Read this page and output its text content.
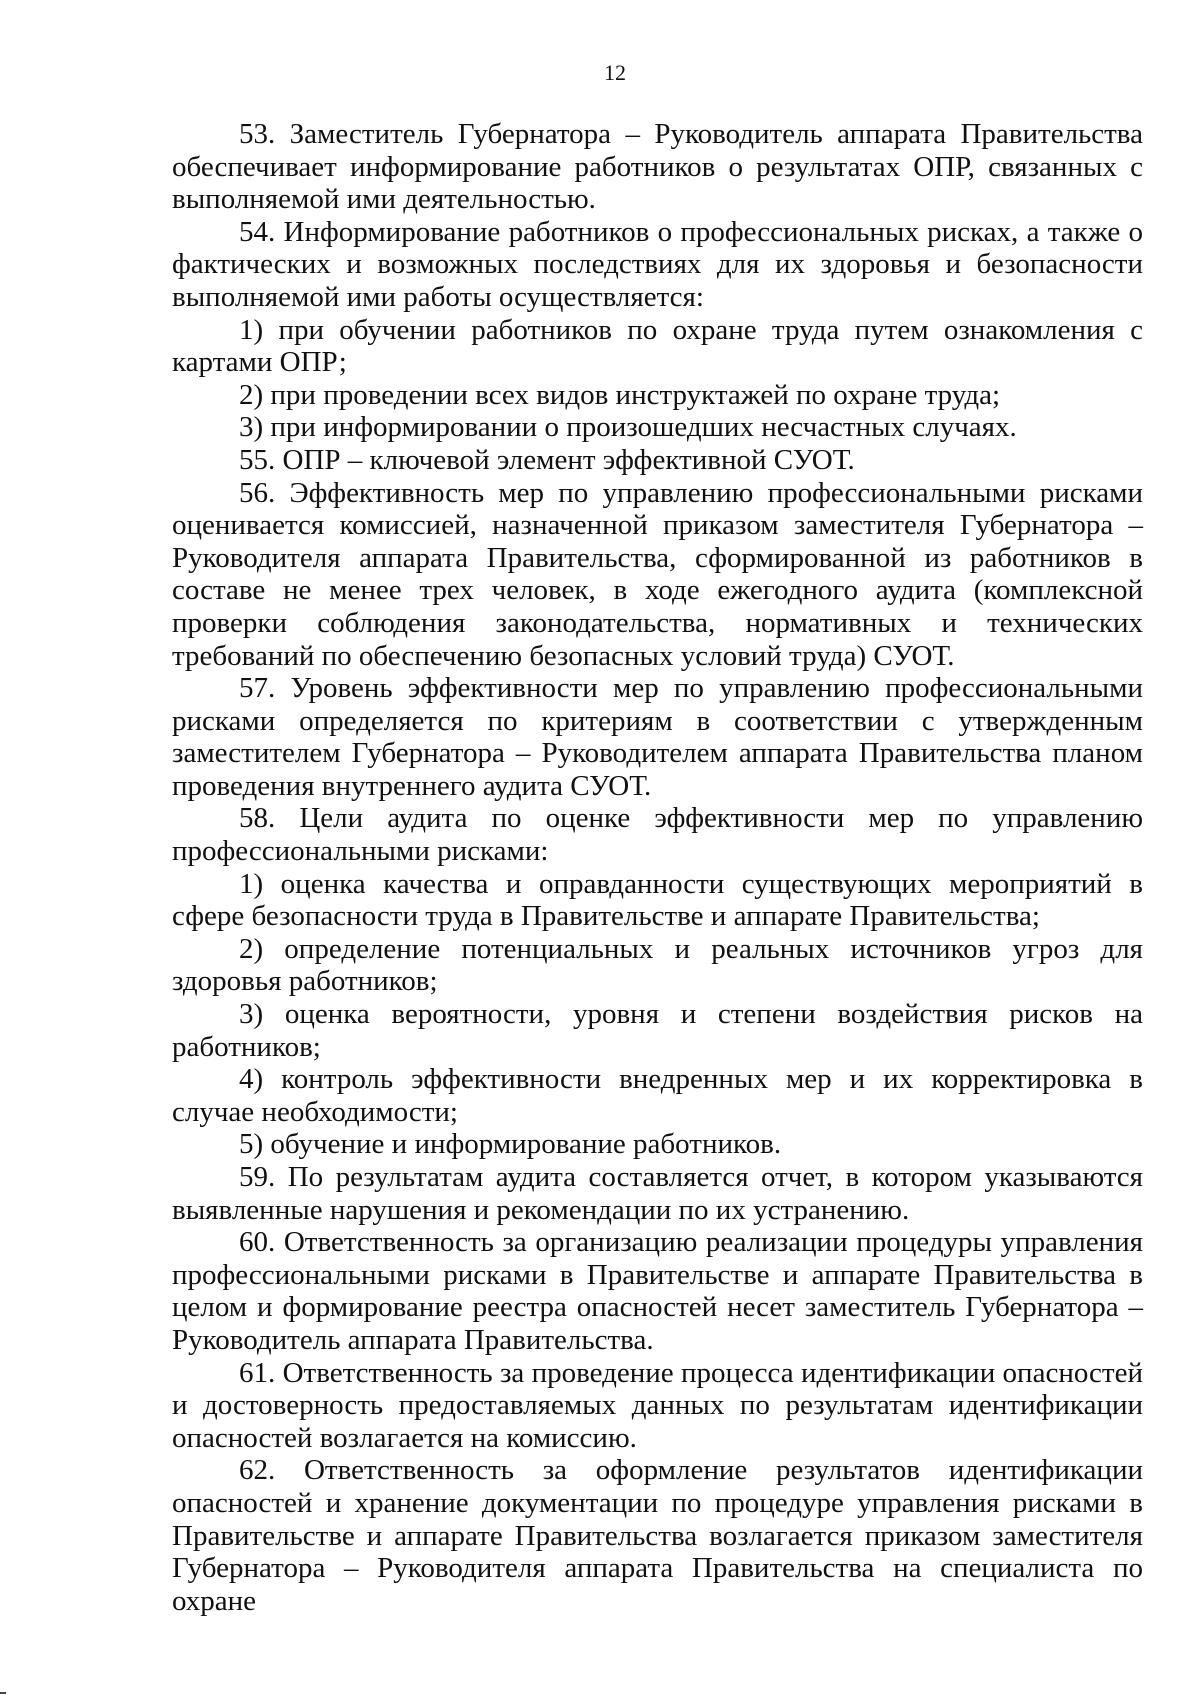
12

53. Заместитель Губернатора – Руководитель аппарата Правительства обеспечивает информирование работников о результатах ОПР, связанных с выполняемой ими деятельностью.

54. Информирование работников о профессиональных рисках, а также о фактических и возможных последствиях для их здоровья и безопасности выполняемой ими работы осуществляется:

1) при обучении работников по охране труда путем ознакомления с картами ОПР;

2) при проведении всех видов инструктажей по охране труда;

3) при информировании о произошедших несчастных случаях.

55. ОПР – ключевой элемент эффективной СУОТ.

56. Эффективность мер по управлению профессиональными рисками оценивается комиссией, назначенной приказом заместителя Губернатора – Руководителя аппарата Правительства, сформированной из работников в составе не менее трех человек, в ходе ежегодного аудита (комплексной проверки соблюдения законодательства, нормативных и технических требований по обеспечению безопасных условий труда) СУОТ.

57. Уровень эффективности мер по управлению профессиональными рисками определяется по критериям в соответствии с утвержденным заместителем Губернатора – Руководителем аппарата Правительства планом проведения внутреннего аудита СУОТ.

58. Цели аудита по оценке эффективности мер по управлению профессиональными рисками:

1) оценка качества и оправданности существующих мероприятий в сфере безопасности труда в Правительстве и аппарате Правительства;

2) определение потенциальных и реальных источников угроз для здоровья работников;

3) оценка вероятности, уровня и степени воздействия рисков на работников;

4) контроль эффективности внедренных мер и их корректировка в случае необходимости;

5) обучение и информирование работников.

59. По результатам аудита составляется отчет, в котором указываются выявленные нарушения и рекомендации по их устранению.

60. Ответственность за организацию реализации процедуры управления профессиональными рисками в Правительстве и аппарате Правительства в целом и формирование реестра опасностей несет заместитель Губернатора – Руководитель аппарата Правительства.

61. Ответственность за проведение процесса идентификации опасностей и достоверность предоставляемых данных по результатам идентификации опасностей возлагается на комиссию.

62. Ответственность за оформление результатов идентификации опасностей и хранение документации по процедуре управления рисками в Правительстве и аппарате Правительства возлагается приказом заместителя Губернатора – Руководителя аппарата Правительства на специалиста по охране
